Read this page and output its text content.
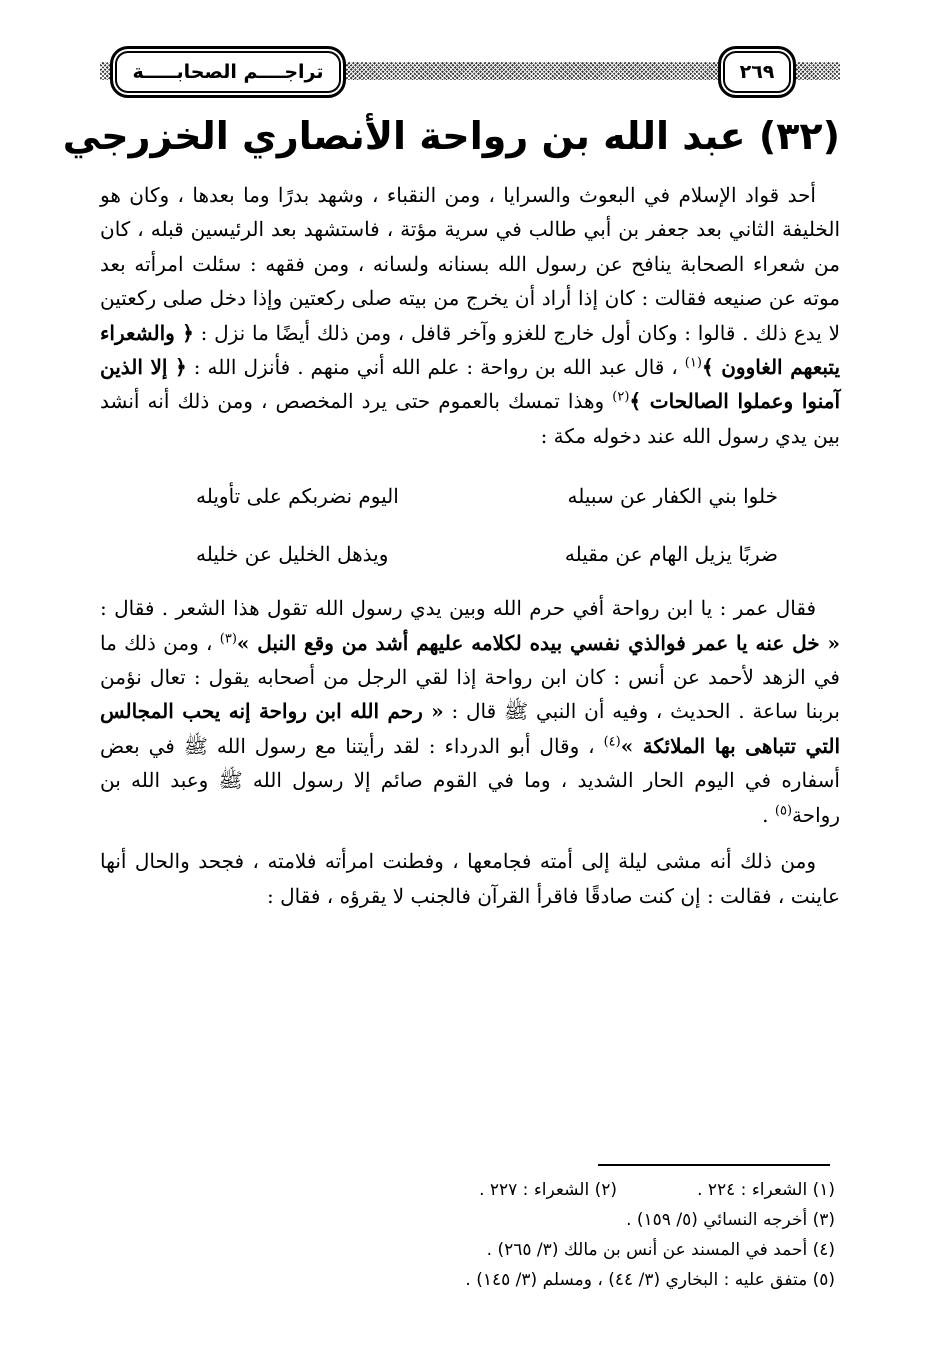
٢٦٩
تراجــــم الصحابـــــة
(٣٢) عبد الله بن رواحة الأنصاري الخزرجي

أحد قواد الإسلام في البعوث والسرايا ، ومن النقباء ، وشهد بدرًا وما بعدها ، وكان هو الخليفة الثاني بعد جعفر بن أبي طالب في سرية مؤتة ، فاستشهد بعد الرئيسين قبله ، كان من شعراء الصحابة ينافح عن رسول الله بسنانه ولسانه ، ومن فقهه : سئلت امرأته بعد موته عن صنيعه فقالت : كان إذا أراد أن يخرج من بيته صلى ركعتين وإذا دخل صلى ركعتين لا يدع ذلك . قالوا : وكان أول خارج للغزو وآخر قافل ، ومن ذلك أيضًا ما نزل : ﴿ والشعراء يتبعهم الغاوون ﴾$^{(١)}$ ، قال عبد الله بن رواحة : علم الله أني منهم . فأنزل الله : ﴿ إلا الذين آمنوا وعملوا الصالحات ﴾$^{(٢)}$ وهذا تمسك بالعموم حتى يرد المخصص ، ومن ذلك أنه أنشد بين يدي رسول الله عند دخوله مكة :

خلوا بني الكفار عن سبيله
اليوم نضربكم على تأويله
ضربًا يزيل الهام عن مقيله
ويذهل الخليل عن خليله

فقال عمر : يا ابن رواحة أفي حرم الله وبين يدي رسول الله تقول هذا الشعر . فقال : « خل عنه يا عمر فوالذي نفسي بيده لكلامه عليهم أشد من وقع النبل »$^{(٣)}$ ، ومن ذلك ما في الزهد لأحمد عن أنس : كان ابن رواحة إذا لقي الرجل من أصحابه يقول : تعال نؤمن بربنا ساعة . الحديث ، وفيه أن النبي ﷺ قال : « رحم الله ابن رواحة إنه يحب المجالس التي تتباهى بها الملائكة »$^{(٤)}$ ، وقال أبو الدرداء : لقد رأيتنا مع رسول الله ﷺ في بعض أسفاره في اليوم الحار الشديد ، وما في القوم صائم إلا رسول الله ﷺ وعبد الله بن رواحة$^{(٥)}$ .

ومن ذلك أنه مشى ليلة إلى أمته فجامعها ، وفطنت امرأته فلامته ، فجحد والحال أنها عاينت ، فقالت : إن كنت صادقًا فاقرأ القرآن فالجنب لا يقرؤه ، فقال :

(١) الشعراء : ٢٢٤ .
(٢) الشعراء : ٢٢٧ .
(٣) أخرجه النسائي (٥/ ١٥٩) .
(٤) أحمد في المسند عن أنس بن مالك (٣/ ٢٦٥) .
(٥) متفق عليه : البخاري (٣/ ٤٤) ، ومسلم (٣/ ١٤٥) .
